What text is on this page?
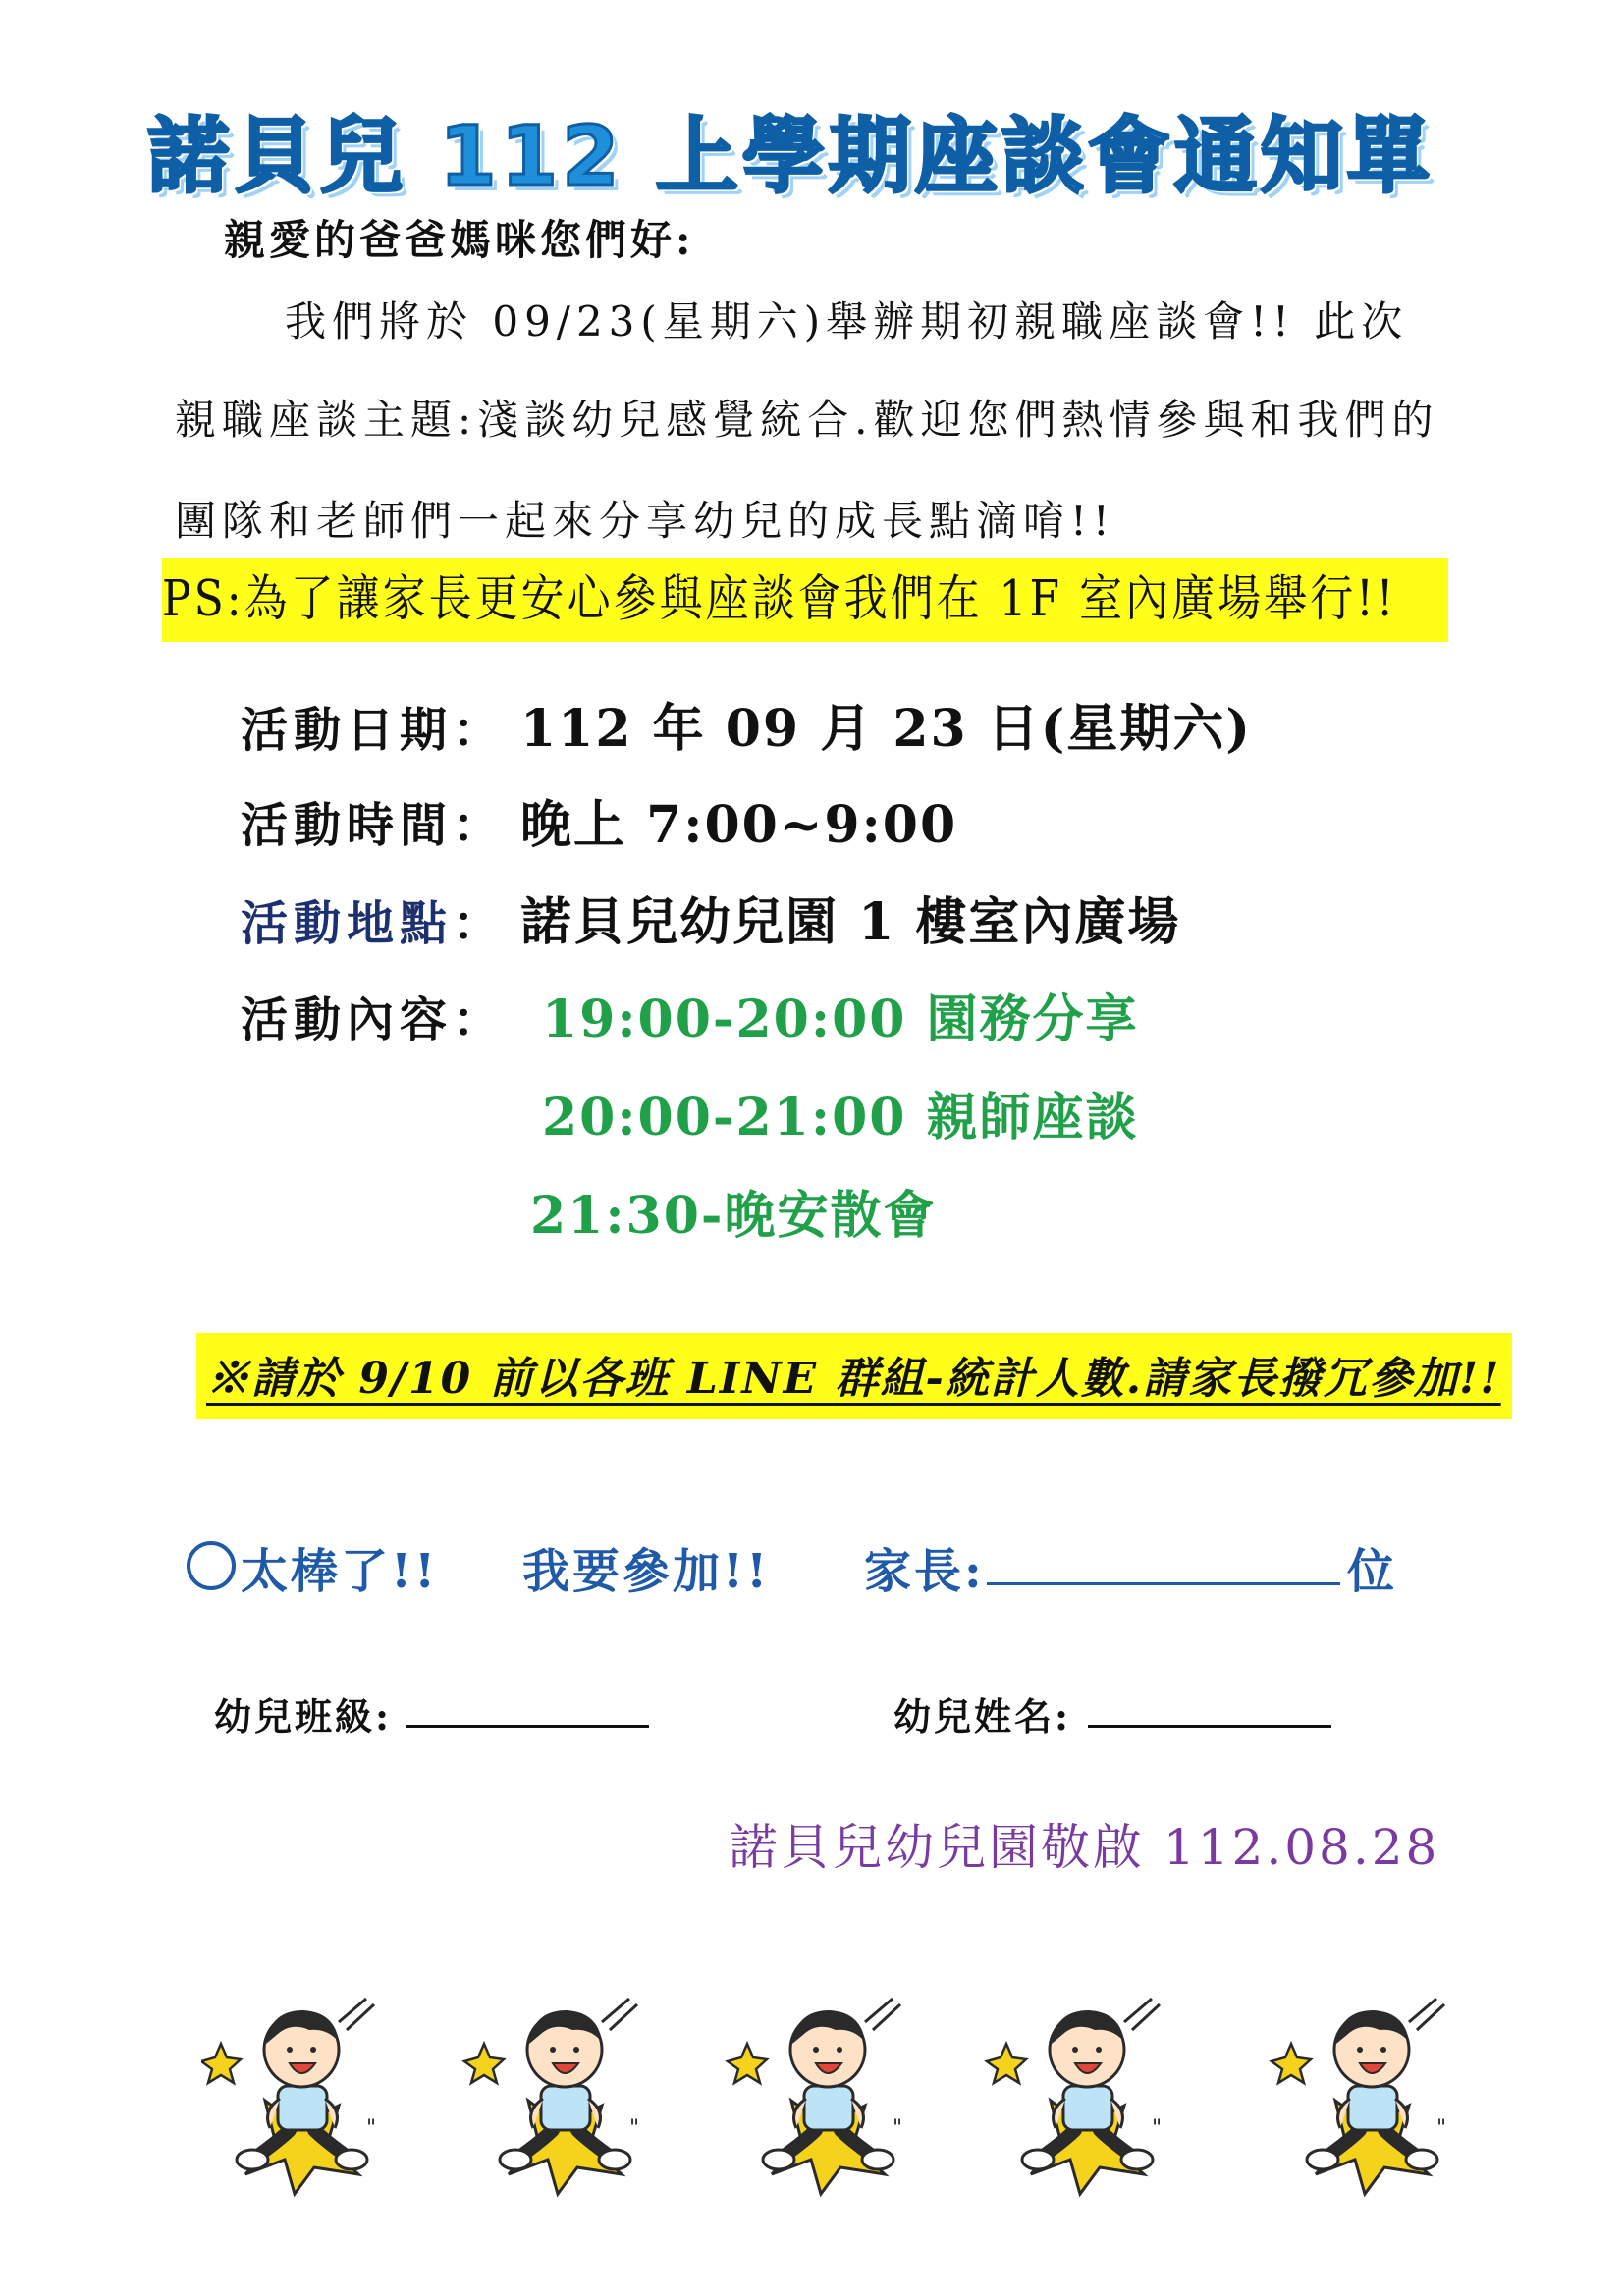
諾貝兒 112 上學期座談會通知單
親愛的爸爸媽咪您們好:
我們將於 09/23(星期六)舉辦期初親職座談會!! 此次
親職座談主題:淺談幼兒感覺統合.歡迎您們熱情參與和我們的
團隊和老師們一起來分享幼兒的成長點滴唷!!
PS:為了讓家長更安心參與座談會我們在 1F 室內廣場舉行!!
活動日期： 112 年 09 月 23 日(星期六)
活動時間： 晚上 7:00~9:00
活動地點： 諾貝兒幼兒園 1 樓室內廣場
活動內容： 19:00-20:00 園務分享
20:00-21:00 親師座談
21:30-晚安散會
※請於 9/10 前以各班 LINE 群組-統計人數.請家長撥冗參加!!
太棒了!! 我要參加!! 家長:	位
幼兒班級:	幼兒姓名:
諾貝兒幼兒園敬啟 112.08.28
